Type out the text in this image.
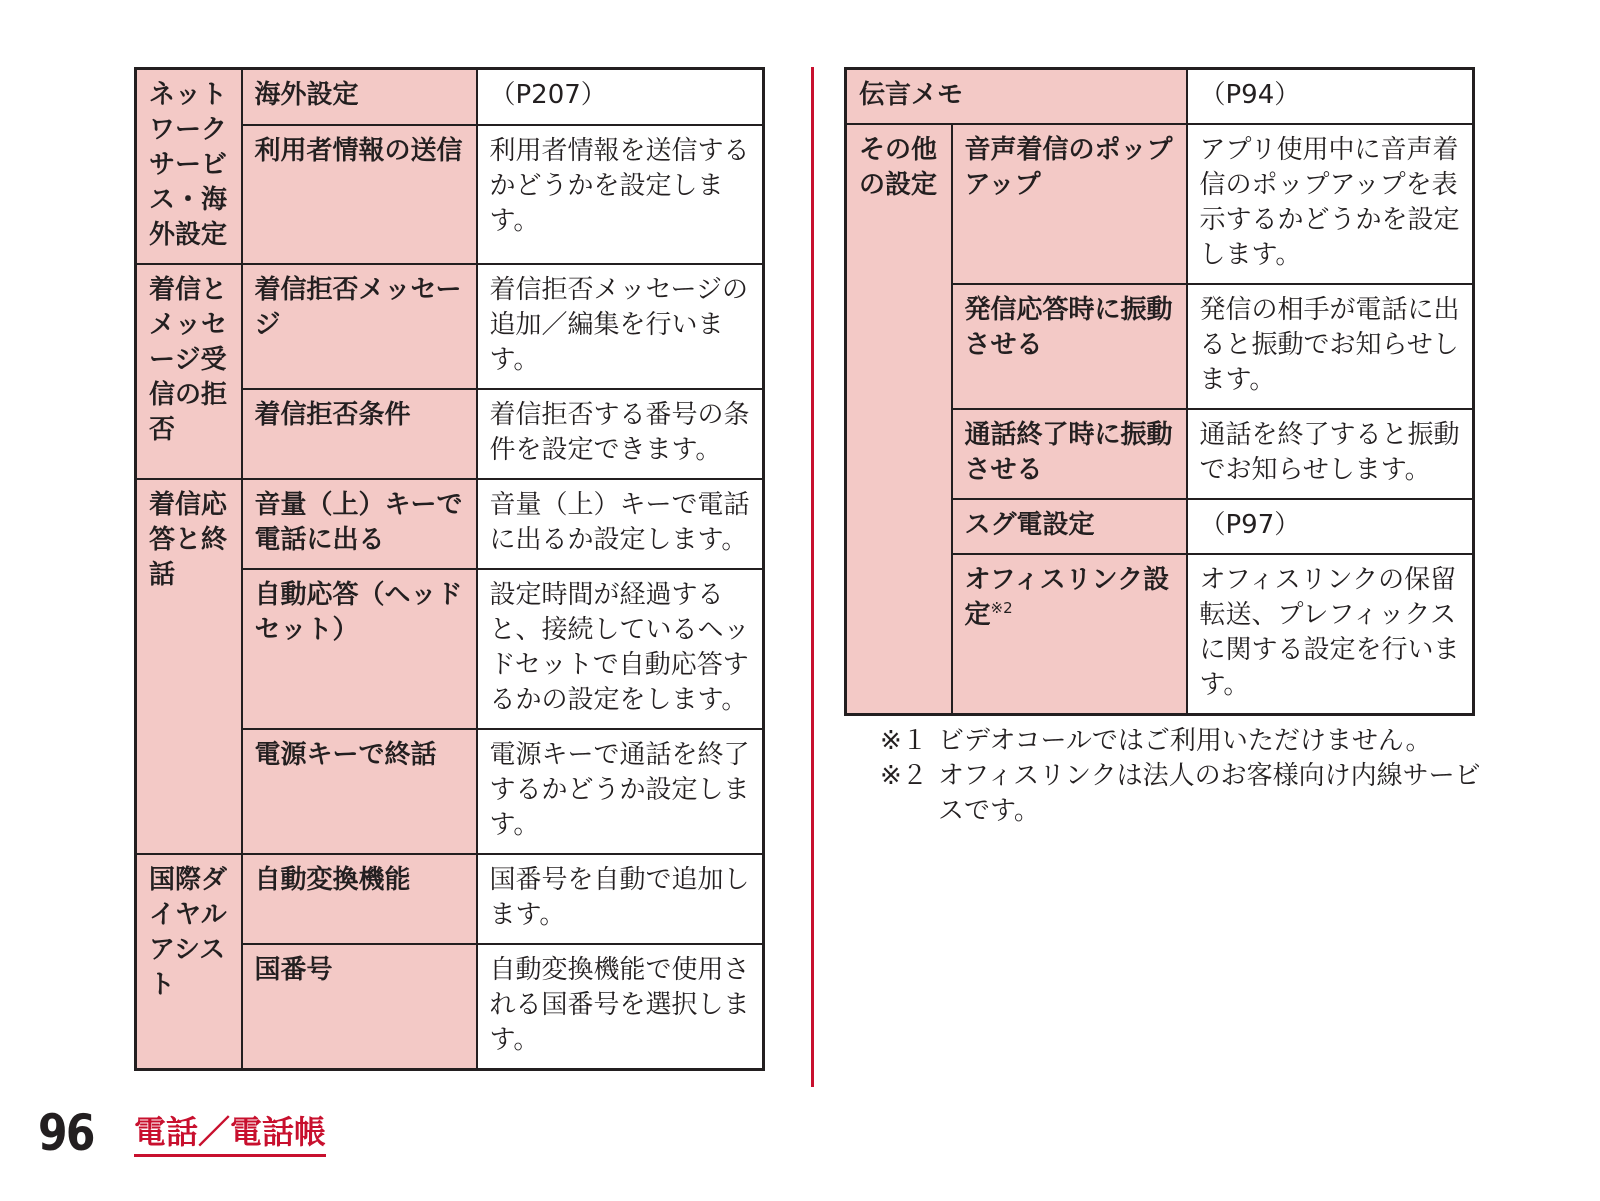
ネットワークサービス・海外設定	海外設定	（P207）
	利用者情報の送信	利用者情報を送信するかどうかを設定します。
着信とメッセージ受信の拒否	着信拒否メッセージ	着信拒否メッセージの追加／編集を行います。
	着信拒否条件	着信拒否する番号の条件を設定できます。
着信応答と終話	音量（上）キーで電話に出る	音量（上）キーで電話に出るか設定します。
	自動応答（ヘッドセット）	設定時間が経過すると、接続しているヘッドセットで自動応答するかの設定をします。
	電源キーで終話	電源キーで通話を終了するかどうか設定します。
国際ダイヤルアシスト	自動変換機能	国番号を自動で追加します。
	国番号	自動変換機能で使用される国番号を選択します。
伝言メモ		（P94）
その他の設定	音声着信のポップアップ	アプリ使用中に音声着信のポップアップを表示するかどうかを設定します。
	発信応答時に振動させる	発信の相手が電話に出ると振動でお知らせします。
	通話終了時に振動させる	通話を終了すると振動でお知らせします。
	スグ電設定	（P97）
	オフィスリンク設定$^{※2}$	オフィスリンクの保留転送、プレフィックスに関する設定を行います。
※１ ビデオコールではご利用いただけません。
※２ オフィスリンクは法人のお客様向け内線サービスです。
96 電話／電話帳
